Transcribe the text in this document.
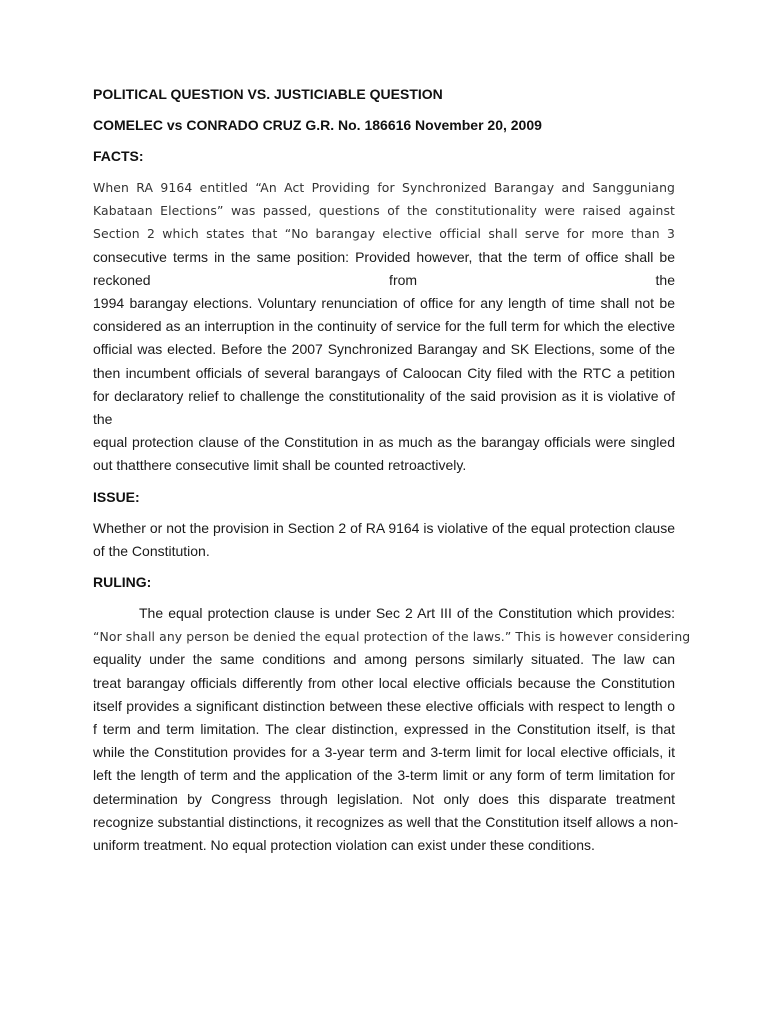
POLITICAL QUESTION VS. JUSTICIABLE QUESTION

COMELEC vs CONRADO CRUZ G.R. No. 186616 November 20, 2009

FACTS:

When RA 9164 entitled “An Act Providing for Synchronized Barangay and Sangguniang
Kabataan Elections” was passed, questions of the constitutionality were raised against
Section 2 which states that “No barangay elective official shall serve for more than 3
consecutive terms in the same position: Provided however, that the term of office shall be
reckoned from the
1994 barangay elections. Voluntary renunciation of office for any length of time shall not be
considered as an interruption in the continuity of service for the full term for which the elective
official was elected. Before the 2007 Synchronized Barangay and SK Elections, some of the
then incumbent officials of several barangays of Caloocan City filed with the RTC a petition
for declaratory relief to challenge the constitutionality of the said provision as it is violative of
the
equal protection clause of the Constitution in as much as the barangay officials were singled
out thatthere consecutive limit shall be counted retroactively.

ISSUE:

Whether or not the provision in Section 2 of RA 9164 is violative of the equal protection clause
of the Constitution.

RULING:

The equal protection clause is under Sec 2 Art III of the Constitution which provides:
“Nor shall any person be denied the equal protection of the laws.” This is however considering
equality under the same conditions and among persons similarly situated. The law can
treat barangay officials differently from other local elective officials because the Constitution
itself provides a significant distinction between these elective officials with respect to length o
f term and term limitation. The clear distinction, expressed in the Constitution itself, is that
while the Constitution provides for a 3-year term and 3-term limit for local elective officials, it
left the length of term and the application of the 3-term limit or any form of term limitation for
determination by Congress through legislation. Not only does this disparate treatment
recognize substantial distinctions, it recognizes as well that the Constitution itself allows a non-
uniform treatment. No equal protection violation can exist under these conditions.
